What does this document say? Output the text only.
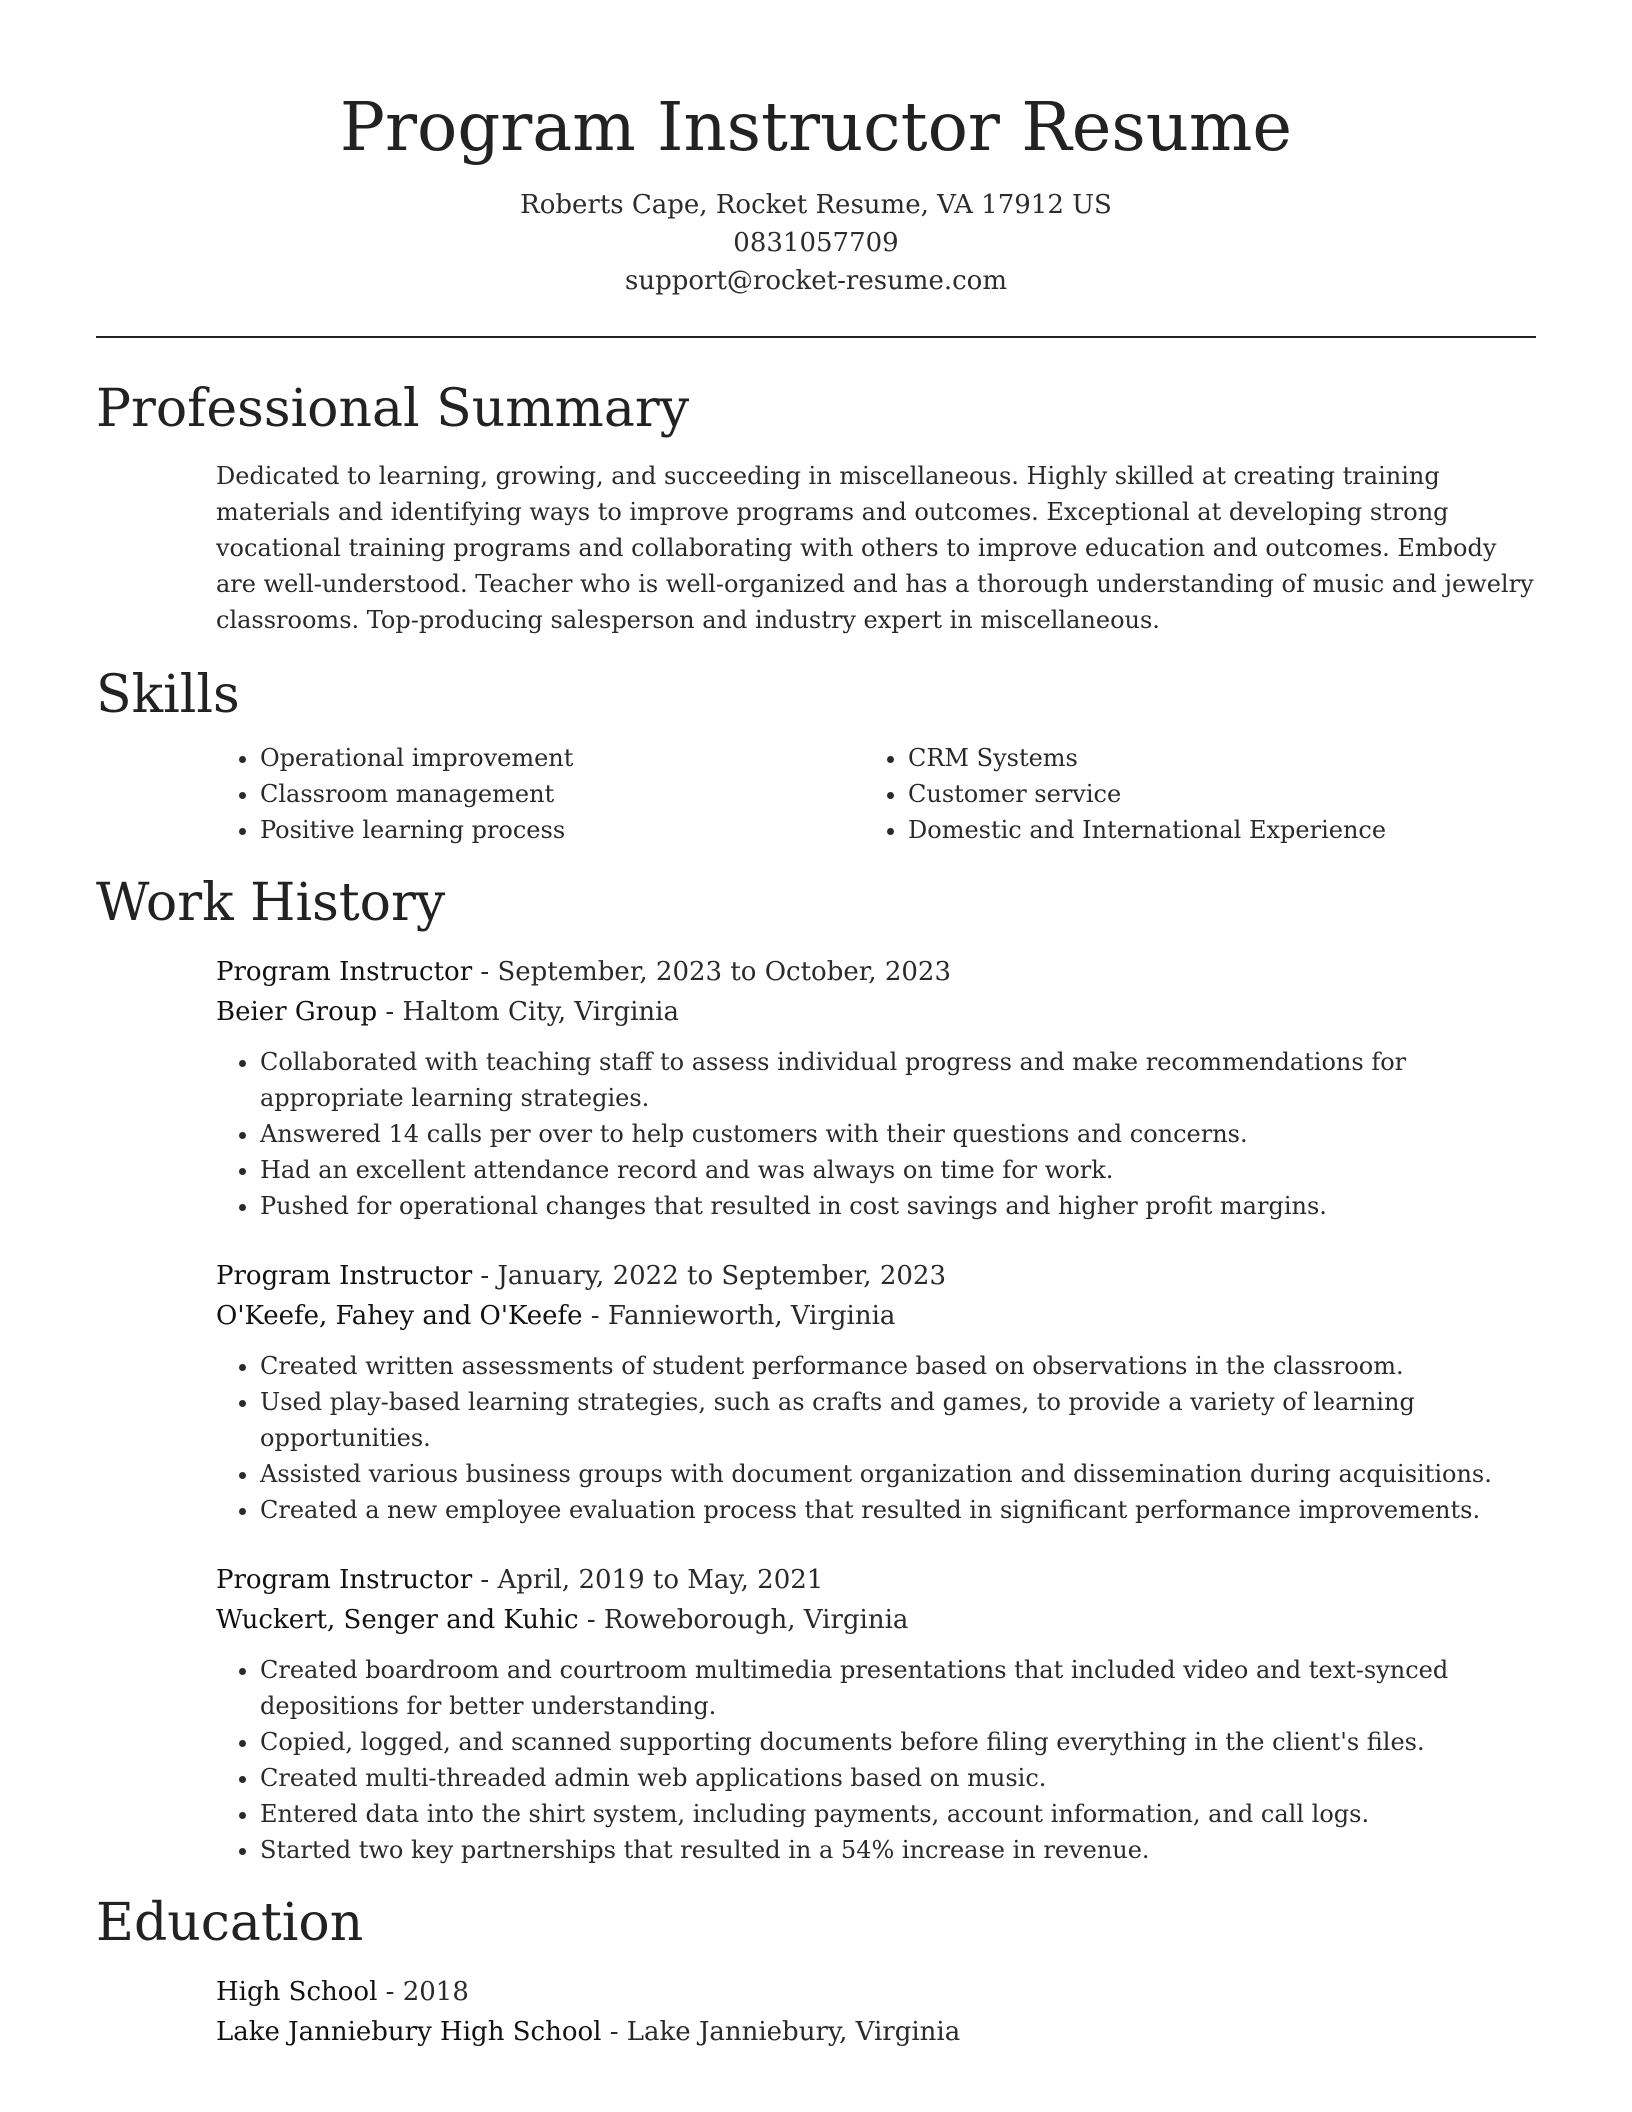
Program Instructor Resume
Roberts Cape, Rocket Resume, VA 17912 US
0831057709
support@rocket-resume.com
Professional Summary

Dedicated to learning, growing, and succeeding in miscellaneous. Highly skilled at creating training materials and identifying ways to improve programs and outcomes. Exceptional at developing strong vocational training programs and collaborating with others to improve education and outcomes. Embody are well-understood. Teacher who is well-organized and has a thorough understanding of music and jewelry classrooms. Top-producing salesperson and industry expert in miscellaneous.

Skills
• Operational improvement
• Classroom management
• Positive learning process
• CRM Systems
• Customer service
• Domestic and International Experience
Work History
Program Instructor - September, 2023 to October, 2023
Beier Group - Haltom City, Virginia
• Collaborated with teaching staff to assess individual progress and make recommendations for appropriate learning strategies.
• Answered 14 calls per over to help customers with their questions and concerns.
• Had an excellent attendance record and was always on time for work.
• Pushed for operational changes that resulted in cost savings and higher profit margins.
Program Instructor - January, 2022 to September, 2023
O'Keefe, Fahey and O'Keefe - Fannieworth, Virginia
• Created written assessments of student performance based on observations in the classroom.
• Used play-based learning strategies, such as crafts and games, to provide a variety of learning opportunities.
• Assisted various business groups with document organization and dissemination during acquisitions.
• Created a new employee evaluation process that resulted in significant performance improvements.
Program Instructor - April, 2019 to May, 2021
Wuckert, Senger and Kuhic - Roweborough, Virginia
• Created boardroom and courtroom multimedia presentations that included video and text-synced depositions for better understanding.
• Copied, logged, and scanned supporting documents before filing everything in the client's files.
• Created multi-threaded admin web applications based on music.
• Entered data into the shirt system, including payments, account information, and call logs.
• Started two key partnerships that resulted in a 54% increase in revenue.
Education
High School - 2018
Lake Janniebury High School - Lake Janniebury, Virginia
